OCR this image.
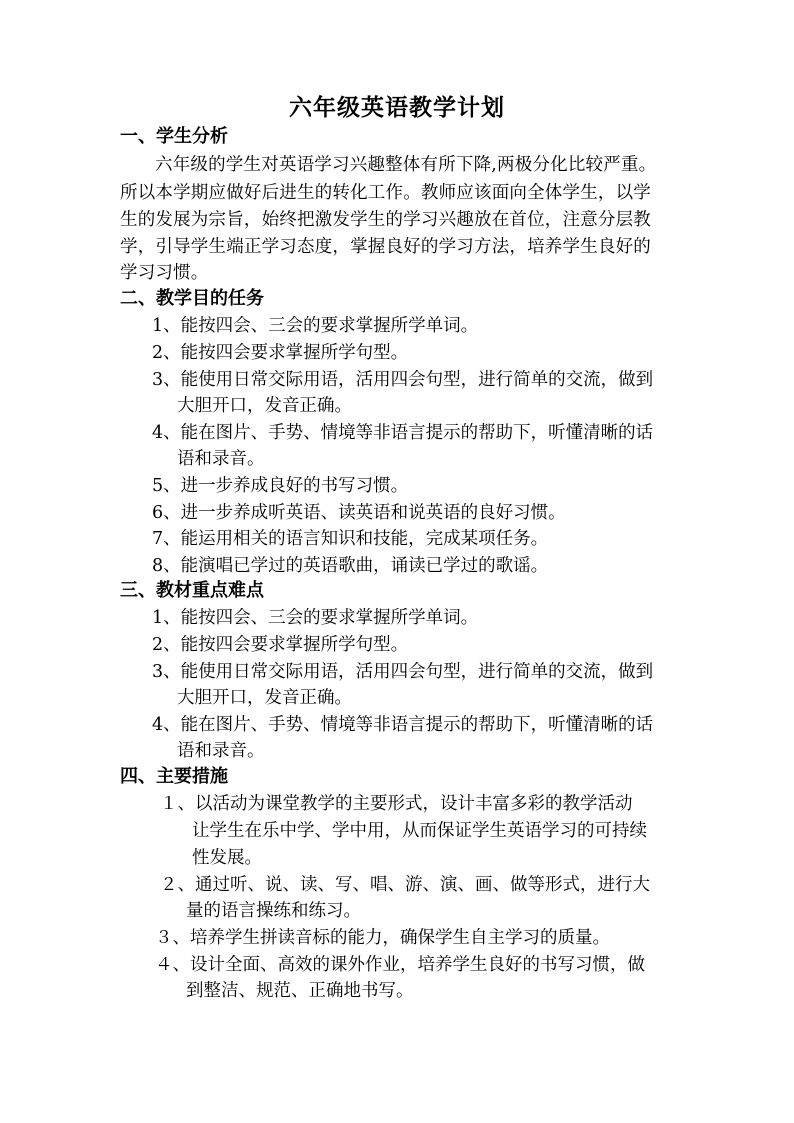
六年级英语教学计划
一、学生分析
六年级的学生对英语学习兴趣整体有所下降,两极分化比较严重。
所以本学期应做好后进生的转化工作。教师应该面向全体学生，以学
生的发展为宗旨，始终把激发学生的学习兴趣放在首位，注意分层教
学，引导学生端正学习态度，掌握良好的学习方法，培养学生良好的
学习习惯。
二、教学目的任务
1、能按四会、三会的要求掌握所学单词。
2、能按四会要求掌握所学句型。
3、能使用日常交际用语，活用四会句型，进行简单的交流，做到
大胆开口，发音正确。
4、能在图片、手势、情境等非语言提示的帮助下，听懂清晰的话
语和录音。
5、进一步养成良好的书写习惯。
6、进一步养成听英语、读英语和说英语的良好习惯。
7、能运用相关的语言知识和技能，完成某项任务。
8、能演唱已学过的英语歌曲，诵读已学过的歌谣。
三、教材重点难点
1、能按四会、三会的要求掌握所学单词。
2、能按四会要求掌握所学句型。
3、能使用日常交际用语，活用四会句型，进行简单的交流，做到
大胆开口，发音正确。
4、能在图片、手势、情境等非语言提示的帮助下，听懂清晰的话
语和录音。
四、主要措施
１、以活动为课堂教学的主要形式，设计丰富多彩的教学活动
让学生在乐中学、学中用，从而保证学生英语学习的可持续
性发展。
２、通过听、说、读、写、唱、游、演、画、做等形式，进行大
量的语言操练和练习。
３、培养学生拼读音标的能力，确保学生自主学习的质量。
４、设计全面、高效的课外作业，培养学生良好的书写习惯，做
到整洁、规范、正确地书写。
